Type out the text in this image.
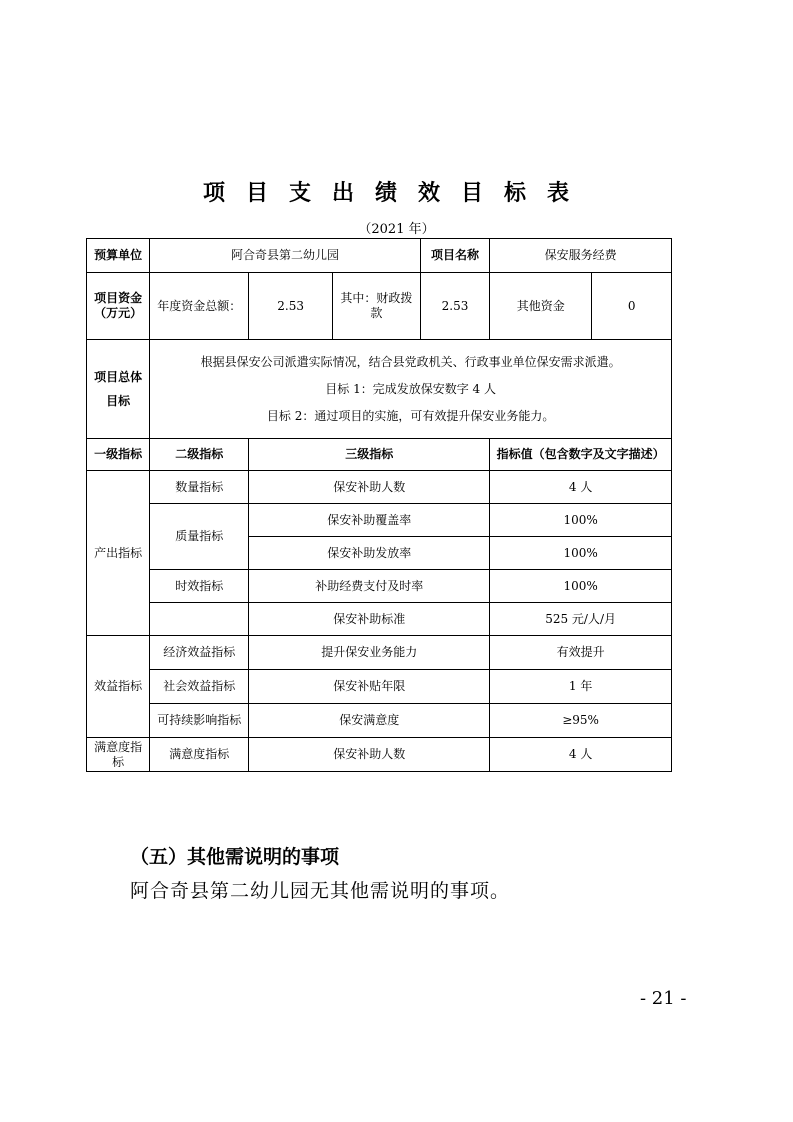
项目支出绩效目标表
（2021 年）
预算单位	阿合奇县第二幼儿园			项目名称	保安服务经费	
项目资金（万元）	年度资金总额：	2.53	其中：财政拨款	2.53	其他资金	0
项目总体目标	根据县保安公司派遣实际情况，结合县党政机关、行政事业单位保安需求派遣。
目标 1：完成发放保安数字 4 人
目标 2：通过项目的实施，可有效提升保安业务能力。					

一级指标	二级指标	三级指标			指标值（包含数字及文字描述）	
产出指标	数量指标	保安补助人数			4 人	
	质量指标	保安补助覆盖率			100%	
		保安补助发放率			100%	
	时效指标	补助经费支付及时率			100%	
		保安补助标准			525 元/人/月	
效益指标	经济效益指标	提升保安业务能力			有效提升	
	社会效益指标	保安补贴年限			1 年	
	可持续影响指标	保安满意度			≥95%	
满意度指标	满意度指标	保安补助人数			4 人	
（五）其他需说明的事项
阿合奇县第二幼儿园无其他需说明的事项。
- 21 -
